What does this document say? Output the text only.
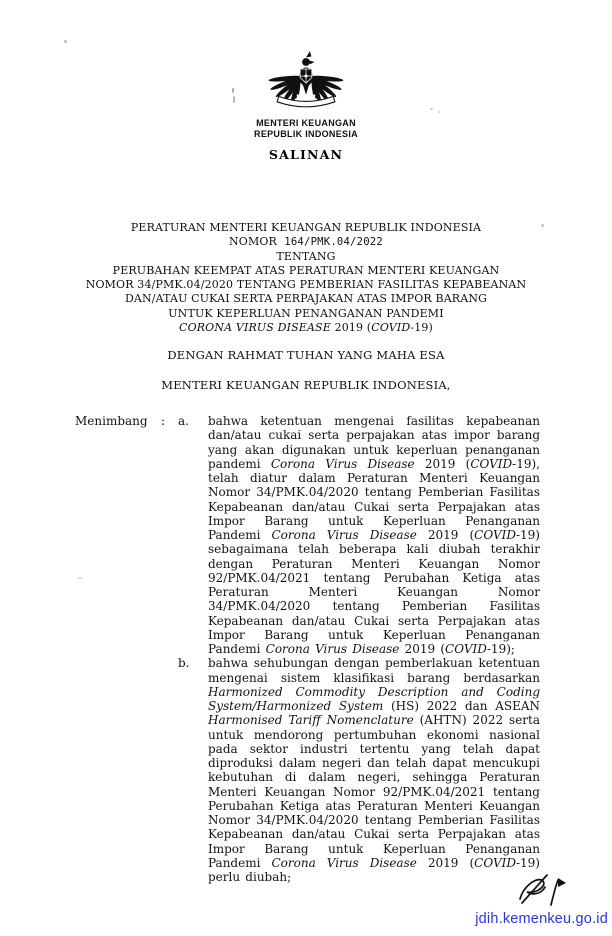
MENTERI KEUANGAN
REPUBLIK INDONESIA
SALINAN
PERATURAN MENTERI KEUANGAN REPUBLIK INDONESIA
NOMOR  164/PMK.04/2022
TENTANG
PERUBAHAN KEEMPAT ATAS PERATURAN MENTERI KEUANGAN
NOMOR 34/PMK.04/2020 TENTANG PEMBERIAN FASILITAS KEPABEANAN
DAN/ATAU CUKAI SERTA PERPAJAKAN ATAS IMPOR BARANG
UNTUK KEPERLUAN PENANGANAN PANDEMI
CORONA VIRUS DISEASE 2019 (COVID-19)
DENGAN RAHMAT TUHAN YANG MAHA ESA
MENTERI KEUANGAN REPUBLIK INDONESIA,
Menimbang	:	a.	bahwa ketentuan mengenai fasilitas kepabeanan dan/atau cukai serta perpajakan atas impor barang yang akan digunakan untuk keperluan penanganan pandemi Corona Virus Disease 2019 (COVID-19), telah diatur dalam Peraturan Menteri Keuangan Nomor 34/PMK.04/2020 tentang Pemberian Fasilitas Kepabeanan dan/atau Cukai serta Perpajakan atas Impor Barang untuk Keperluan Penanganan Pandemi Corona Virus Disease 2019 (COVID-19) sebagaimana telah beberapa kali diubah terakhir dengan Peraturan Menteri Keuangan Nomor 92/PMK.04/2021 tentang Perubahan Ketiga atas Peraturan Menteri Keuangan Nomor 34/PMK.04/2020 tentang Pemberian Fasilitas Kepabeanan dan/atau Cukai serta Perpajakan atas Impor Barang untuk Keperluan Penanganan Pandemi Corona Virus Disease 2019 (COVID-19);
b.	bahwa sehubungan dengan pemberlakuan ketentuan mengenai sistem klasifikasi barang berdasarkan Harmonized Commodity Description and Coding System/Harmonized System (HS) 2022 dan ASEAN Harmonised Tariff Nomenclature (AHTN) 2022 serta untuk mendorong pertumbuhan ekonomi nasional pada sektor industri tertentu yang telah dapat diproduksi dalam negeri dan telah dapat mencukupi kebutuhan di dalam negeri, sehingga Peraturan Menteri Keuangan Nomor 92/PMK.04/2021 tentang Perubahan Ketiga atas Peraturan Menteri Keuangan Nomor 34/PMK.04/2020 tentang Pemberian Fasilitas Kepabeanan dan/atau Cukai serta Perpajakan atas Impor Barang untuk Keperluan Penanganan Pandemi Corona Virus Disease 2019 (COVID-19) perlu diubah;
jdih.kemenkeu.go.id
